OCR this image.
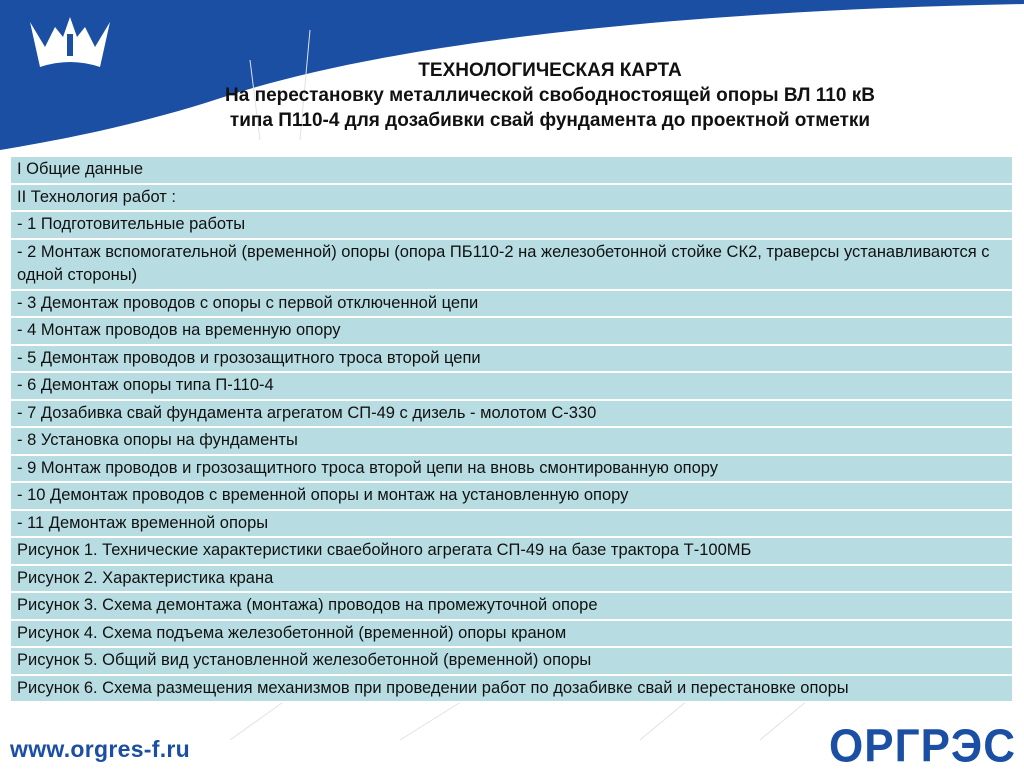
ТЕХНОЛОГИЧЕСКАЯ КАРТА
На перестановку металлической свободностоящей опоры ВЛ 110 кВ
типа П110-4 для дозабивки свай фундамента до проектной отметки
I Общие данные
II Технология работ :
- 1 Подготовительные работы
- 2 Монтаж вспомогательной (временной) опоры (опора ПБ110-2 на железобетонной стойке СК2, траверсы устанавливаются с одной стороны)
- 3 Демонтаж проводов с опоры с первой отключенной цепи
- 4 Монтаж проводов на временную опору
- 5 Демонтаж проводов и грозозащитного троса второй цепи
- 6 Демонтаж опоры типа П-110-4
- 7 Дозабивка свай фундамента агрегатом СП-49 с дизель - молотом С-330
- 8 Установка опоры на фундаменты
- 9 Монтаж проводов и грозозащитного троса второй цепи на вновь смонтированную опору
- 10 Демонтаж проводов с временной опоры и монтаж на установленную опору
- 11 Демонтаж временной опоры
Рисунок 1. Технические характеристики сваебойного агрегата СП-49 на базе трактора Т-100МБ
Рисунок 2. Характеристика крана
Рисунок 3. Схема демонтажа (монтажа) проводов на промежуточной опоре
Рисунок 4. Схема подъема железобетонной (временной) опоры краном
Рисунок 5. Общий вид установленной железобетонной (временной) опоры
Рисунок 6. Схема размещения механизмов при проведении работ по дозабивке свай и перестановке опоры
www.orgres-f.ru	ОРГРЭС
